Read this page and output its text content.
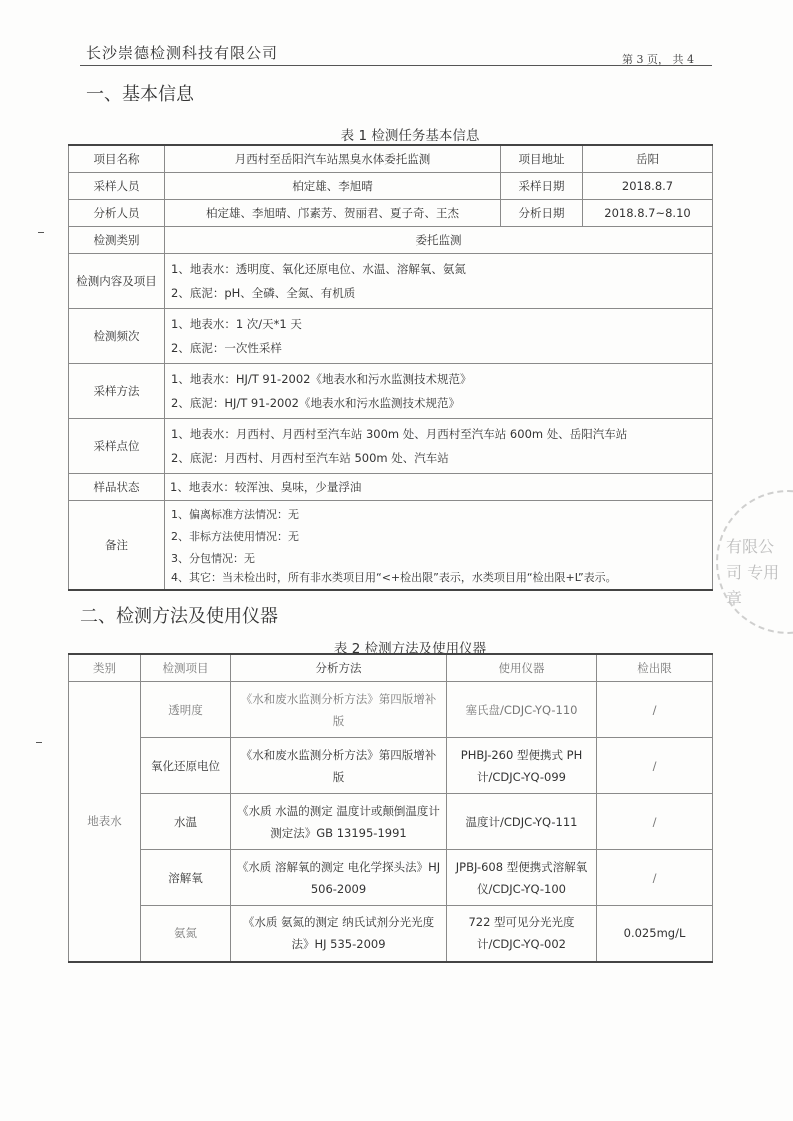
长沙崇德检测科技有限公司	第 3 页， 共 4
一、基本信息
表 1 检测任务基本信息
项目名称	月西村至岳阳汽车站黑臭水体委托监测	项目地址	岳阳
采样人员	柏定雄、李旭晴	采样日期	2018.8.7
分析人员	柏定雄、李旭晴、邝素芳、贺丽君、夏子奇、王杰	分析日期	2018.8.7~8.10
检测类别	委托监测		
检测内容及项目	1、地表水：透明度、氧化还原电位、水温、溶解氧、氨氮
2、底泥：pH、全磷、全氮、有机质		

检测频次	1、地表水：1 次/天*1 天
2、底泥：一次性采样		

采样方法	1、地表水：HJ/T 91-2002《地表水和污水监测技术规范》
2、底泥：HJ/T 91-2002《地表水和污水监测技术规范》		

采样点位	1、地表水：月西村、月西村至汽车站 300m 处、月西村至汽车站 600m 处、岳阳汽车站
2、底泥：月西村、月西村至汽车站 500m 处、汽车站		

样品状态	1、地表水：较浑浊、臭味，少量浮油		
备注	1、偏离标准方法情况：无
2、非标方法使用情况：无
3、分包情况：无
4、其它：当未检出时，所有非水类项目用“<+检出限”表示，水类项目用“检出限+L”表示。		
二、检测方法及使用仪器
表 2 检测方法及使用仪器
类别	检测项目	分析方法	使用仪器	检出限
地表水	透明度	《水和废水监测分析方法》第四版增补版	塞氏盘/CDJC-YQ-110	/
	氧化还原电位	《水和废水监测分析方法》第四版增补版	PHBJ-260 型便携式 PH 计/CDJC-YQ-099	/
	水温	《水质 水温的测定 温度计或颠倒温度计测定法》GB 13195-1991	温度计/CDJC-YQ-111	/
	溶解氧	《水质 溶解氧的测定 电化学探头法》HJ 506-2009	JPBJ-608 型便携式溶解氧仪/CDJC-YQ-100	/
	氨氮	《水质 氨氮的测定 纳氏试剂分光光度法》HJ 535-2009	722 型可见分光光度计/CDJC-YQ-002	0.025mg/L
有限公司 专用章
